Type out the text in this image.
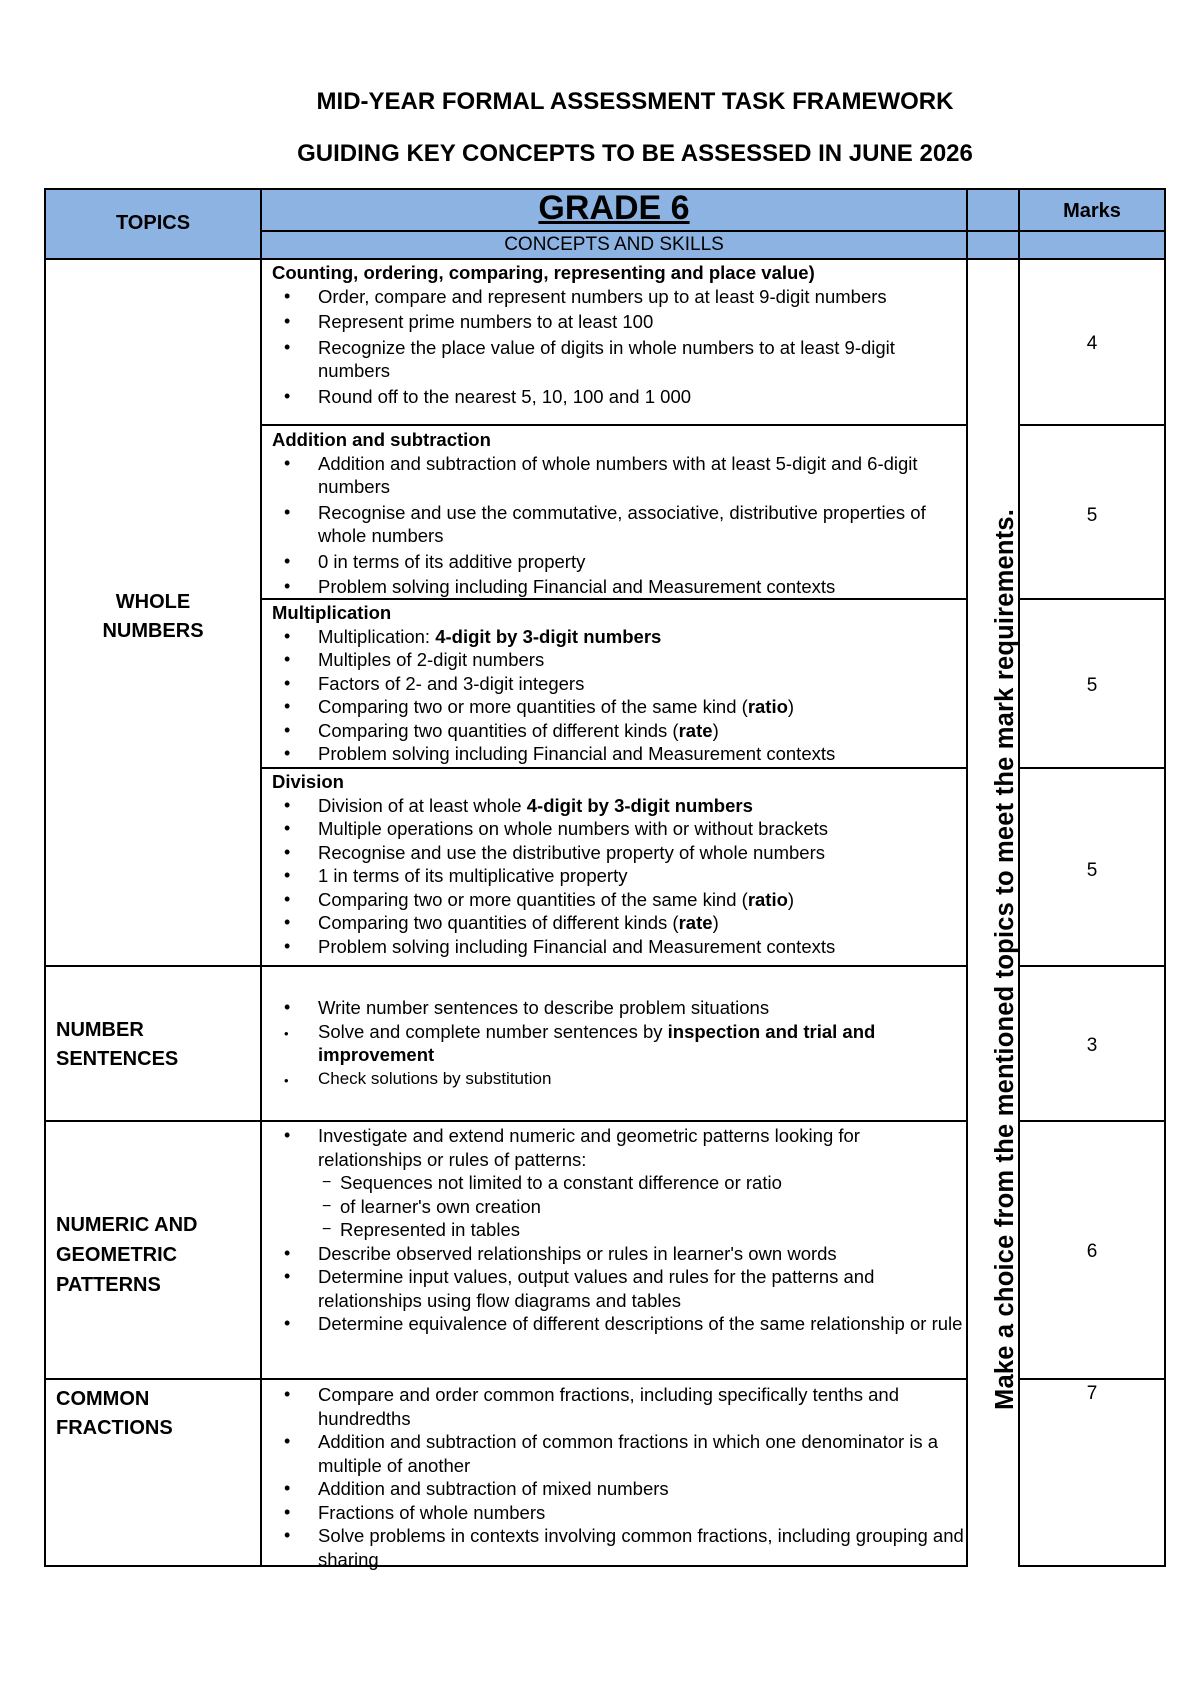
MID-YEAR FORMAL ASSESSMENT TASK FRAMEWORK
GUIDING KEY CONCEPTS TO BE ASSESSED IN JUNE 2026
TOPICS	GRADE 6
CONCEPTS AND SKILLS
Marks
WHOLE
NUMBERS
NUMBER
SENTENCES
NUMERIC AND
GEOMETRIC
PATTERNS
COMMON
FRACTIONS
Counting, ordering, comparing, representing and place value)
• Order, compare and represent numbers up to at least 9-digit numbers
• Represent prime numbers to at least 100
• Recognize the place value of digits in whole numbers to at least 9-digit numbers
• Round off to the nearest 5, 10, 100 and 1 000
4
Addition and subtraction
• Addition and subtraction of whole numbers with at least 5-digit and 6-digit numbers
• Recognise and use the commutative, associative, distributive properties of whole numbers
• 0 in terms of its additive property
• Problem solving including Financial and Measurement contexts
5
Multiplication
• Multiplication: 4-digit by 3-digit numbers
• Multiples of 2-digit numbers
• Factors of 2- and 3-digit integers
• Comparing two or more quantities of the same kind (ratio)
• Comparing two quantities of different kinds (rate)
• Problem solving including Financial and Measurement contexts
5
Division
• Division of at least whole 4-digit by 3-digit numbers
• Multiple operations on whole numbers with or without brackets
• Recognise and use the distributive property of whole numbers
• 1 in terms of its multiplicative property
• Comparing two or more quantities of the same kind (ratio)
• Comparing two quantities of different kinds (rate)
• Problem solving including Financial and Measurement contexts
5
• Write number sentences to describe problem situations
• Solve and complete number sentences by inspection and trial and improvement
• Check solutions by substitution
3
• Investigate and extend numeric and geometric patterns looking for relationships or rules of patterns:
− Sequences not limited to a constant difference or ratio
− of learner's own creation
− Represented in tables
• Describe observed relationships or rules in learner's own words
• Determine input values, output values and rules for the patterns and relationships using flow diagrams and tables
• Determine equivalence of different descriptions of the same relationship or rule
6
• Compare and order common fractions, including specifically tenths and hundredths
• Addition and subtraction of common fractions in which one denominator is a multiple of another
• Addition and subtraction of mixed numbers
• Fractions of whole numbers
• Solve problems in contexts involving common fractions, including grouping and sharing
7
Make a choice from the mentioned topics to meet the mark requirements.
